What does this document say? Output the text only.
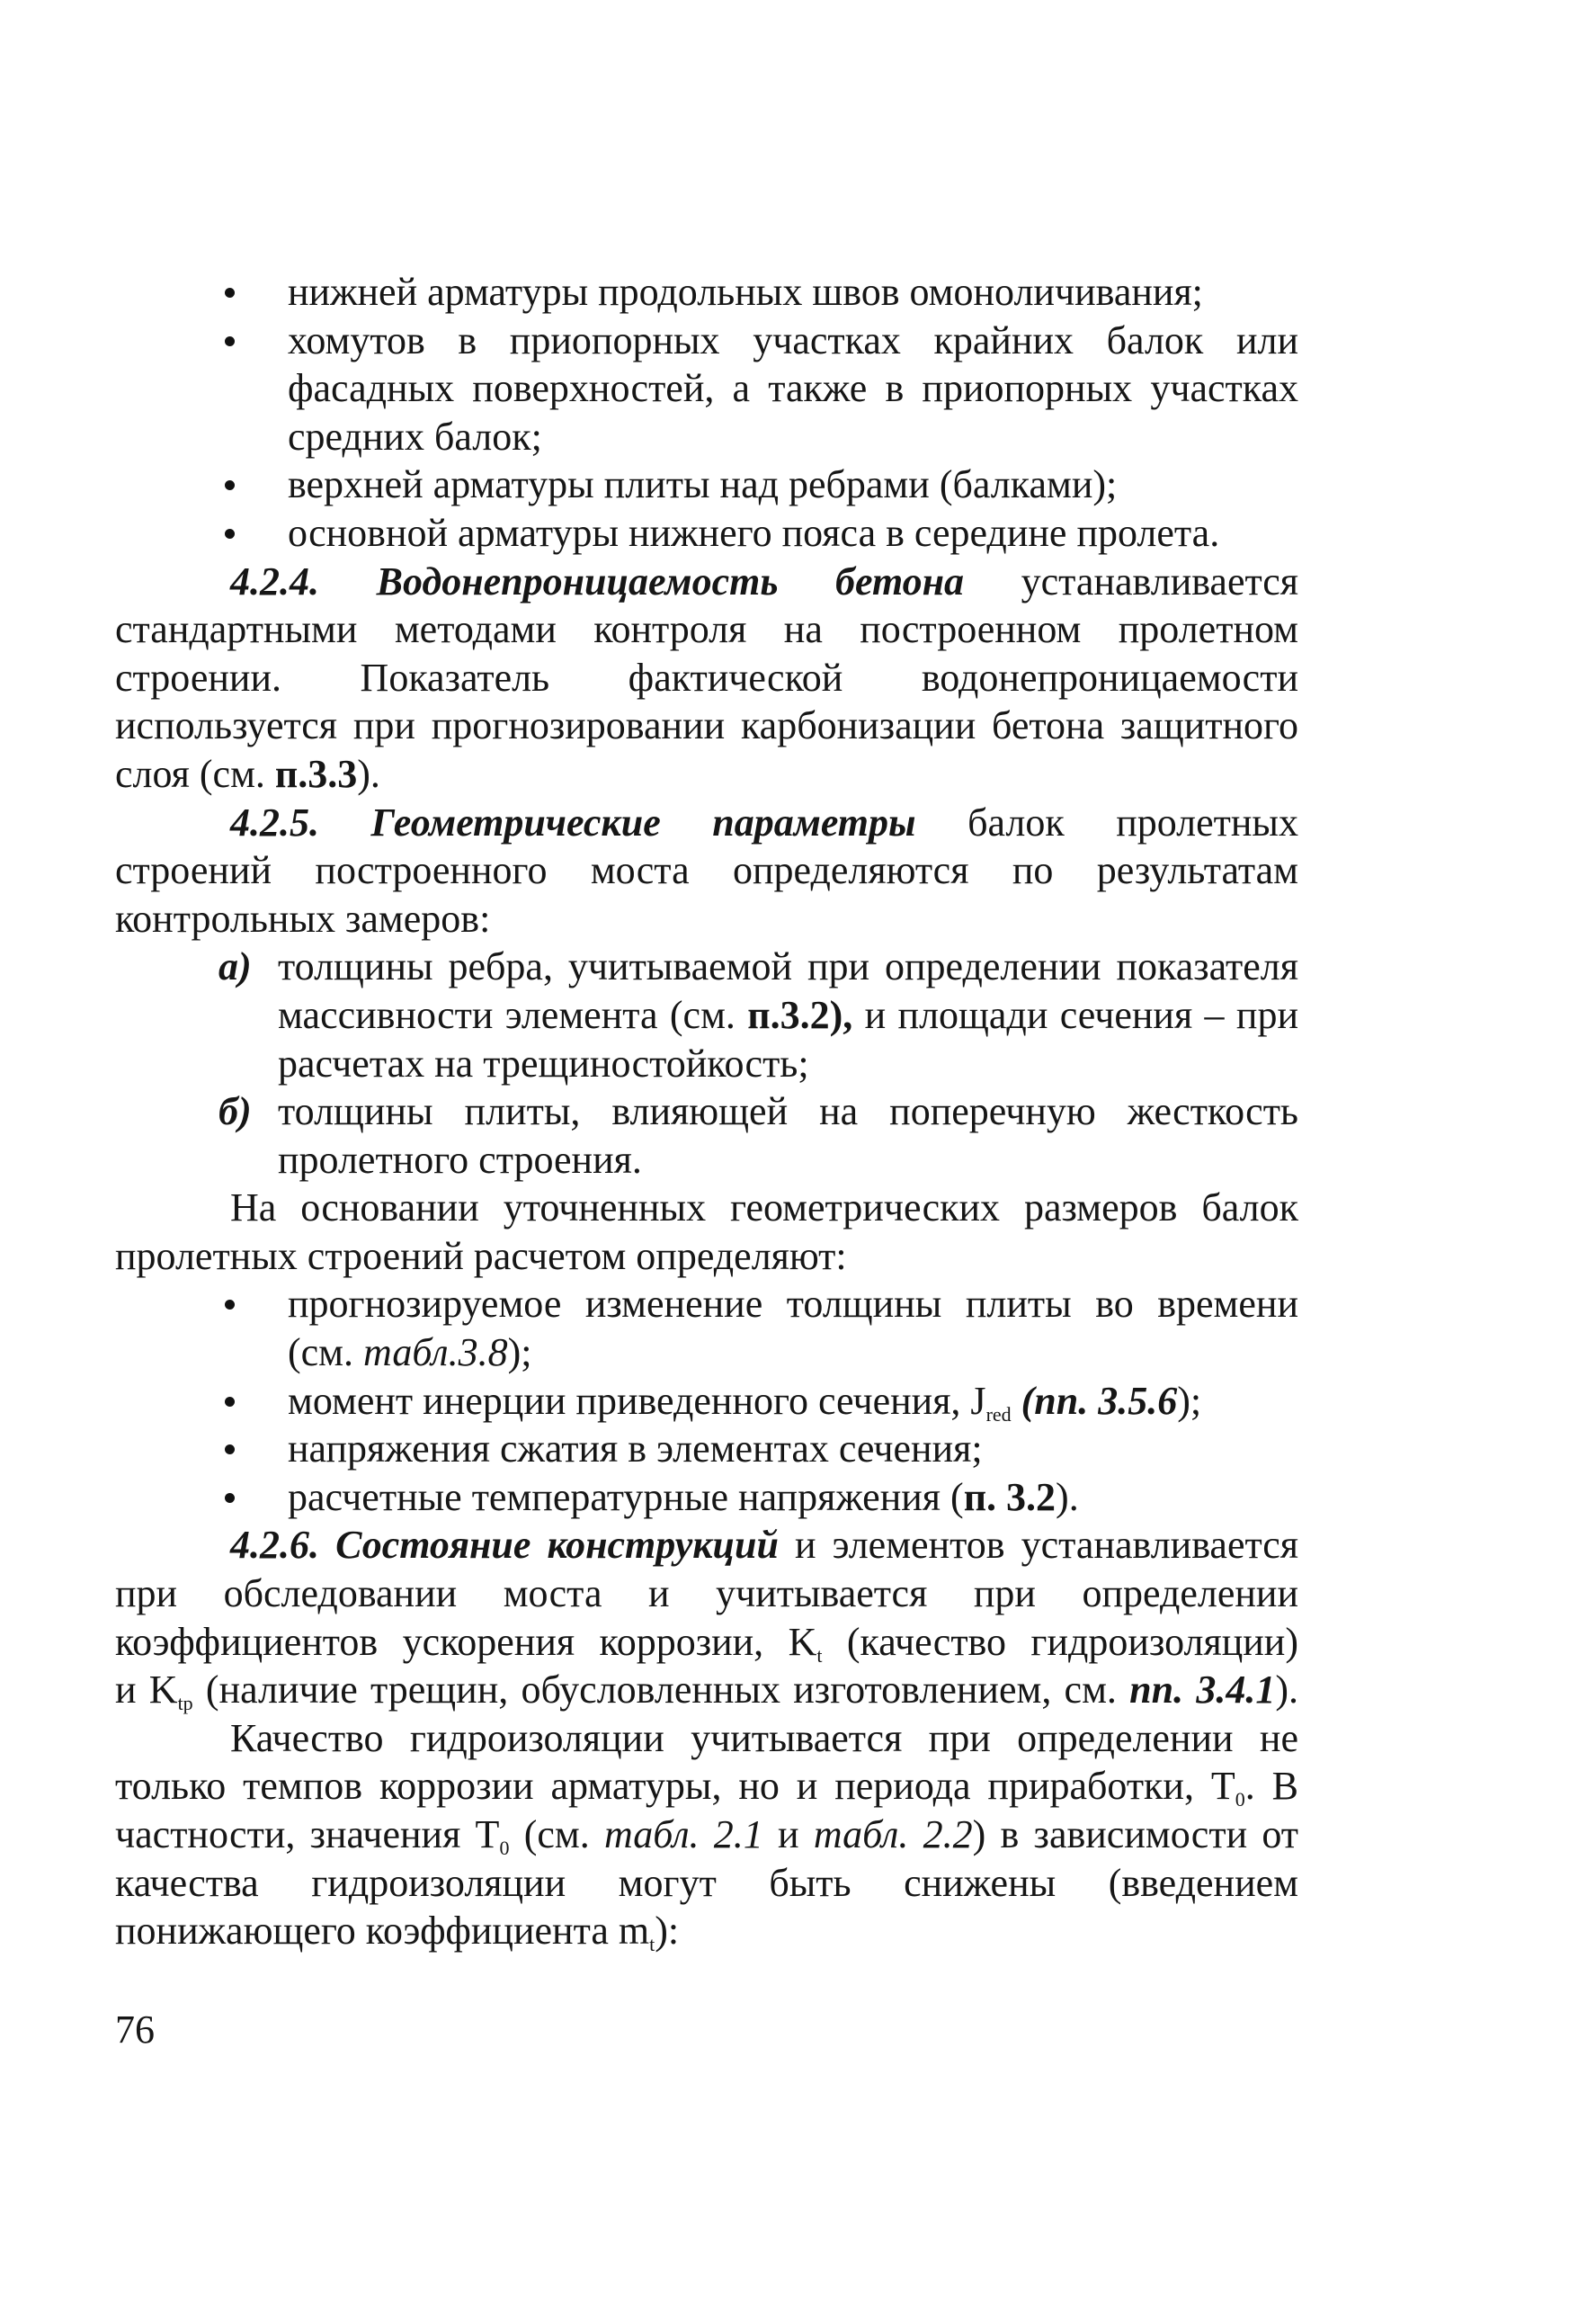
нижней арматуры продольных швов омоноличивания;
хомутов в приопорных участках крайних балок или
фасадных поверхностей, а также в приопорных участках
средних балок;
верхней арматуры плиты над ребрами (балками);
основной арматуры нижнего пояса в середине пролета.
4.2.4. Водонепроницаемость бетона устанавливается
стандартными методами контроля на построенном пролетном
строении. Показатель фактической водонепроницаемости
используется при прогнозировании карбонизации бетона защитного
слоя (см. п.3.3).
4.2.5. Геометрические параметры балок пролетных
строений построенного моста определяются по результатам
контрольных замеров:
а) толщины ребра, учитываемой при определении показателя
массивности элемента (см. п.3.2), и площади сечения – при
расчетах на трещиностойкость;
б) толщины плиты, влияющей на поперечную жесткость
пролетного строения.
На основании уточненных геометрических размеров балок
пролетных строений расчетом определяют:
прогнозируемое изменение толщины плиты во времени
(см. табл.3.8);
момент инерции приведенного сечения, $J_{red}$ (пп. 3.5.6);
напряжения сжатия в элементах сечения;
расчетные температурные напряжения (п. 3.2).
4.2.6. Состояние конструкций и элементов устанавливается
при обследовании моста и учитывается при определении
коэффициентов ускорения коррозии, $K_t$ (качество гидроизоляции)
и $K_{tp}$ (наличие трещин, обусловленных изготовлением, см. пп. 3.4.1).
Качество гидроизоляции учитывается при определении не
только темпов коррозии арматуры, но и периода приработки, $T_0$. В
частности, значения $T_0$ (см. табл. 2.1 и табл. 2.2) в зависимости от
качества гидроизоляции могут быть снижены (введением
понижающего коэффициента $m_t$):
76
